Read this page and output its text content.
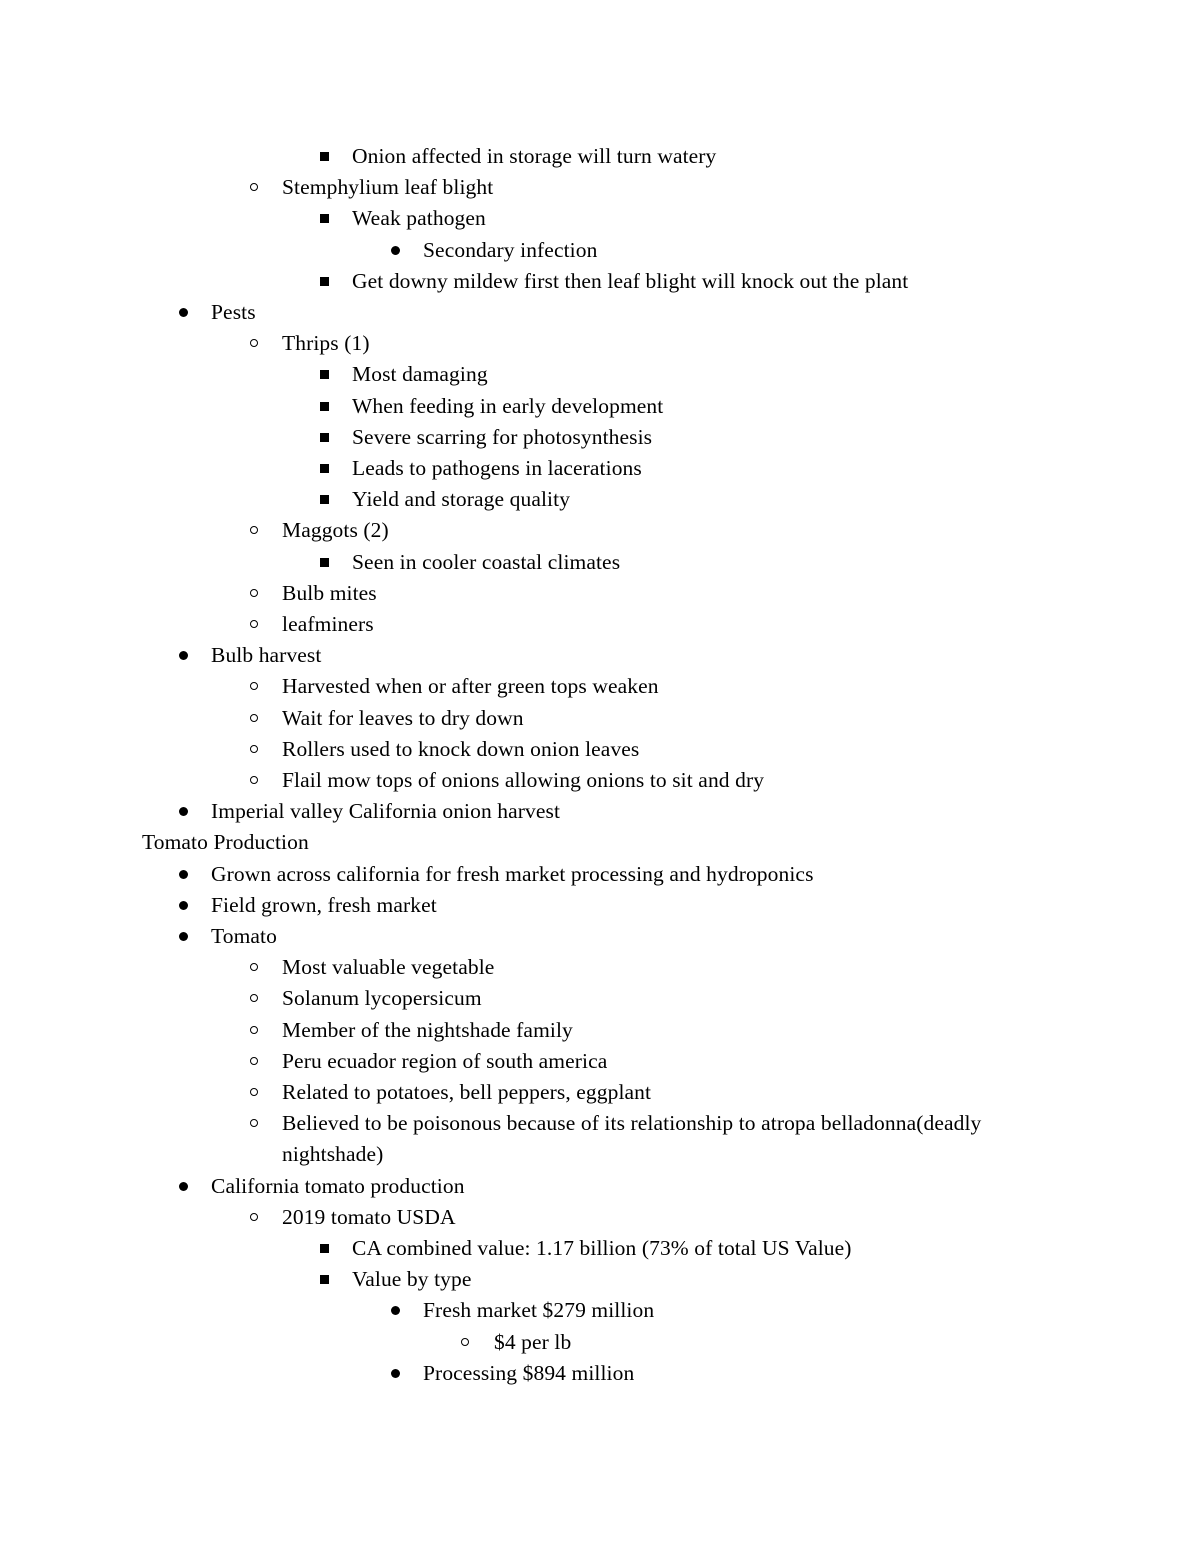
Onion affected in storage will turn watery
Stemphylium leaf blight
Weak pathogen
Secondary infection
Get downy mildew first then leaf blight will knock out the plant
Pests
Thrips (1)
Most damaging
When feeding in early development
Severe scarring for photosynthesis
Leads to pathogens in lacerations
Yield and storage quality
Maggots (2)
Seen in cooler coastal climates
Bulb mites
leafminers
Bulb harvest
Harvested when or after green tops weaken
Wait for leaves to dry down
Rollers used to knock down onion leaves
Flail mow tops of onions allowing onions to sit and dry
Imperial valley California onion harvest
Tomato Production
Grown across california for fresh market processing and hydroponics
Field grown, fresh market
Tomato
Most valuable vegetable
Solanum lycopersicum
Member of the nightshade family
Peru ecuador region of south america
Related to potatoes, bell peppers, eggplant
Believed to be poisonous because of its relationship to atropa belladonna(deadly nightshade)
California tomato production
2019 tomato USDA
CA combined value: 1.17 billion (73% of total US Value)
Value by type
Fresh market $279 million
$4 per lb
Processing $894 million
